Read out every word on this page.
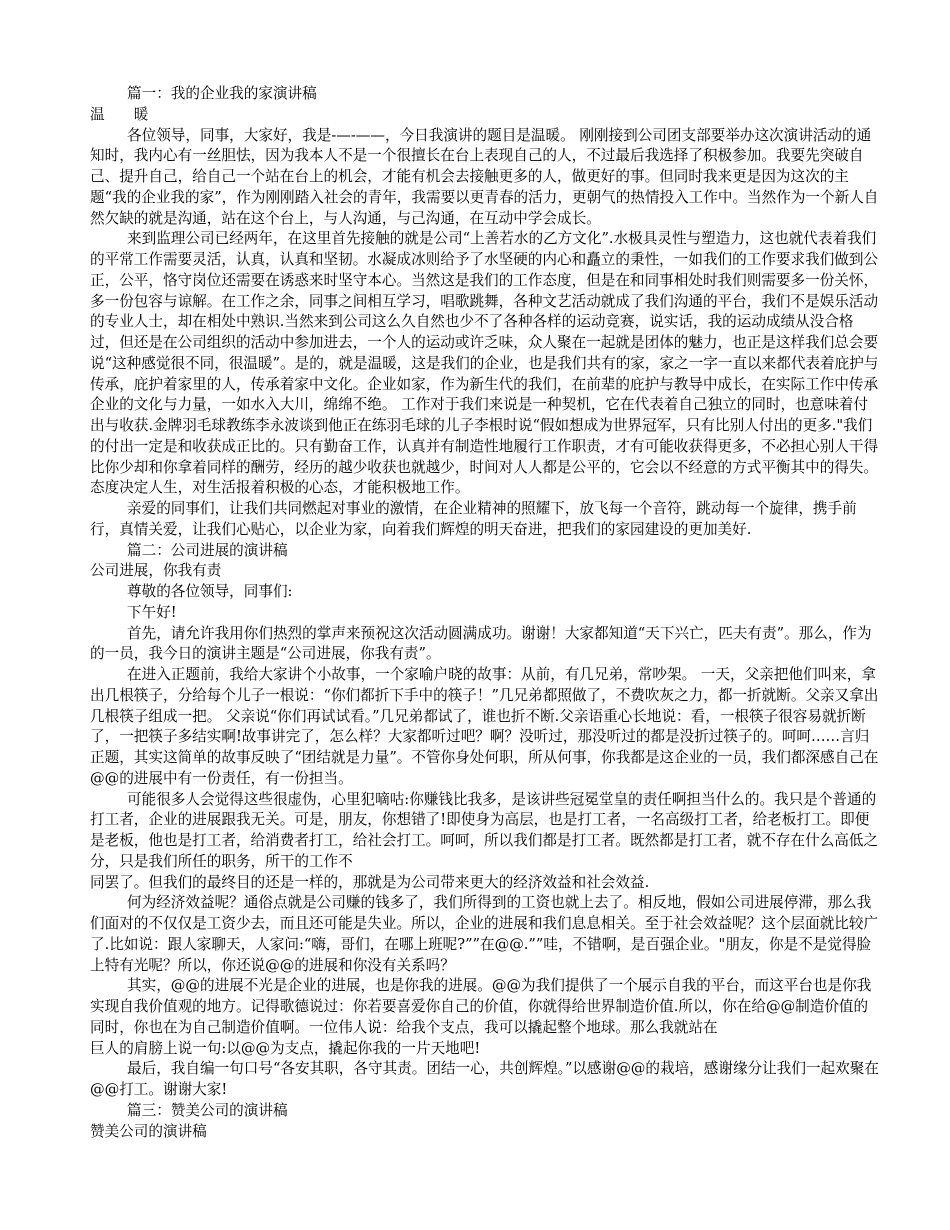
篇一：我的企业我的家演讲稿

温　　暖

各位领导，同事，大家好，我是-—-——，今日我演讲的题目是温暖。 刚刚接到公司团支部要举办这次演讲活动的通知时，我内心有一丝胆怯，因为我本人不是一个很擅长在台上表现自己的人，不过最后我选择了积极参加。我要先突破自己、提升自己，给自己一个站在台上的机会，才能有机会去接触更多的人，做更好的事。但同时我来更是因为这次的主题“我的企业我的家”，作为刚刚踏入社会的青年，我需要以更青春的活力，更朝气的热情投入工作中。当然作为一个新人自然欠缺的就是沟通，站在这个台上，与人沟通，与己沟通，在互动中学会成长。

来到监理公司已经两年，在这里首先接触的就是公司“上善若水的乙方文化”.水极具灵性与塑造力，这也就代表着我们的平常工作需要灵活，认真，认真和坚韧。水凝成冰则给予了水坚硬的内心和矗立的秉性，一如我们的工作要求我们做到公正，公平，恪守岗位还需要在诱惑来时坚守本心。当然这是我们的工作态度，但是在和同事相处时我们则需要多一份关怀，多一份包容与谅解。在工作之余，同事之间相互学习，唱歌跳舞，各种文艺活动就成了我们沟通的平台，我们不是娱乐活动的专业人士，却在相处中熟识.当然来到公司这么久自然也少不了各种各样的运动竞赛，说实话，我的运动成绩从没合格过，但还是在公司组织的活动中参加进去，一个人的运动或许乏味，众人聚在一起就是团体的魅力，也正是这样我们总会要说“这种感觉很不同，很温暖”。是的，就是温暖，这是我们的企业，也是我们共有的家，家之一字一直以来都代表着庇护与传承，庇护着家里的人，传承着家中文化。企业如家，作为新生代的我们，在前辈的庇护与教导中成长，在实际工作中传承企业的文化与力量，一如水入大川，绵绵不绝。 工作对于我们来说是一种契机，它在代表着自己独立的同时，也意味着付出与收获.金牌羽毛球教练李永波谈到他正在练羽毛球的儿子李根时说“假如想成为世界冠军，只有比别人付出的更多."我们的付出一定是和收获成正比的。只有勤奋工作，认真并有制造性地履行工作职责，才有可能收获得更多，不必担心别人干得比你少却和你拿着同样的酬劳，经历的越少收获也就越少，时间对人人都是公平的，它会以不经意的方式平衡其中的得失。 态度决定人生，对生活报着积极的心态，才能积极地工作。

亲爱的同事们，让我们共同燃起对事业的激情，在企业精神的照耀下，放飞每一个音符，跳动每一个旋律，携手前行，真情关爱，让我们心贴心，以企业为家，向着我们辉煌的明天奋进，把我们的家园建设的更加美好.

篇二：公司进展的演讲稿

公司进展，你我有责

尊敬的各位领导，同事们:

下午好!

首先，请允许我用你们热烈的掌声来预祝这次活动圆满成功。谢谢！大家都知道“天下兴亡，匹夫有责”。那么，作为的一员，我今日的演讲主题是“公司进展，你我有责”。

在进入正题前，我给大家讲个小故事，一个家喻户晓的故事：从前，有几兄弟，常吵架。 一天，父亲把他们叫来，拿出几根筷子，分给每个儿子一根说：“你们都折下手中的筷子！”几兄弟都照做了，不费吹灰之力，都一折就断。父亲又拿出几根筷子组成一把。 父亲说“你们再试试看。”几兄弟都试了，谁也折不断.父亲语重心长地说：看，一根筷子很容易就折断了，一把筷子多结实啊!故事讲完了，怎么样？大家都听过吧？啊？没听过，那没听过的都是没折过筷子的。呵呵……言归正题，其实这简单的故事反映了“团结就是力量”。不管你身处何职，所从何事，你我都是这企业的一员，我们都深感自己在@@的进展中有一份责任，有一份担当。

可能很多人会觉得这些很虚伪，心里犯嘀咕:你赚钱比我多，是该讲些冠冕堂皇的责任啊担当什么的。我只是个普通的打工者，企业的进展跟我无关。可是，朋友，你想错了!即使身为高层，也是打工者，一名高级打工者，给老板打工。即便是老板，他也是打工者，给消费者打工，给社会打工。呵呵，所以我们都是打工者。既然都是打工者，就不存在什么高低之分，只是我们所任的职务，所干的工作不

同罢了。但我们的最终目的还是一样的，那就是为公司带来更大的经济效益和社会效益.

何为经济效益呢？通俗点就是公司赚的钱多了，我们所得到的工资也就上去了。相反地，假如公司进展停滞，那么我们面对的不仅仅是工资少去，而且还可能是失业。所以，企业的进展和我们息息相关。至于社会效益呢？这个层面就比较广了.比如说：跟人家聊天，人家问:“嗨，哥们，在哪上班呢?””在@@.””哇，不错啊，是百强企业。"朋友，你是不是觉得脸上特有光呢？所以，你还说@@的进展和你没有关系吗？

其实，@@的进展不光是企业的进展，也是你我的进展。@@为我们提供了一个展示自我的平台，而这平台也是你我实现自我价值观的地方。记得歌德说过：你若要喜爱你自己的价值，你就得给世界制造价值.所以，你在给@@制造价值的同时，你也在为自己制造价值啊。一位伟人说：给我个支点，我可以撬起整个地球。那么我就站在

巨人的肩膀上说一句:以@@为支点，撬起你我的一片天地吧!

最后，我自编一句口号“各安其职，各守其责。团结一心，共创辉煌。”以感谢@@的栽培，感谢缘分让我们一起欢聚在@@打工。谢谢大家!

篇三：赞美公司的演讲稿

赞美公司的演讲稿
